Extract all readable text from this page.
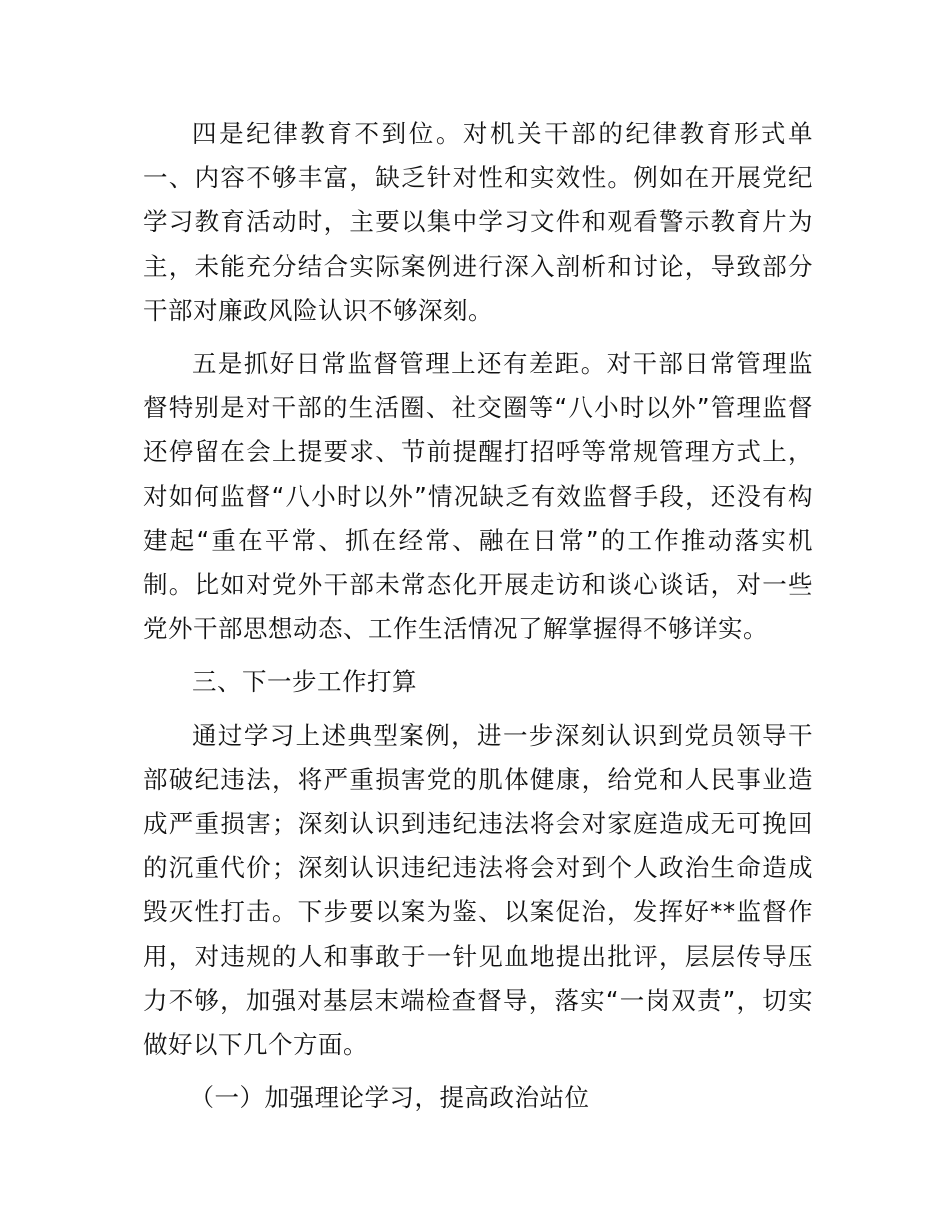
四是纪律教育不到位。对机关干部的纪律教育形式单一、内容不够丰富，缺乏针对性和实效性。例如在开展党纪学习教育活动时，主要以集中学习文件和观看警示教育片为主，未能充分结合实际案例进行深入剖析和讨论，导致部分干部对廉政风险认识不够深刻。

五是抓好日常监督管理上还有差距。对干部日常管理监督特别是对干部的生活圈、社交圈等“八小时以外”管理监督还停留在会上提要求、节前提醒打招呼等常规管理方式上，对如何监督“八小时以外”情况缺乏有效监督手段，还没有构建起“重在平常、抓在经常、融在日常”的工作推动落实机制。比如对党外干部未常态化开展走访和谈心谈话，对一些党外干部思想动态、工作生活情况了解掌握得不够详实。

三、下一步工作打算

通过学习上述典型案例，进一步深刻认识到党员领导干部破纪违法，将严重损害党的肌体健康，给党和人民事业造成严重损害；深刻认识到违纪违法将会对家庭造成无可挽回的沉重代价；深刻认识违纪违法将会对到个人政治生命造成毁灭性打击。下步要以案为鉴、以案促治，发挥好**监督作用，对违规的人和事敢于一针见血地提出批评，层层传导压力不够，加强对基层末端检查督导，落实“一岗双责”，切实做好以下几个方面。

（一）加强理论学习，提高政治站位
